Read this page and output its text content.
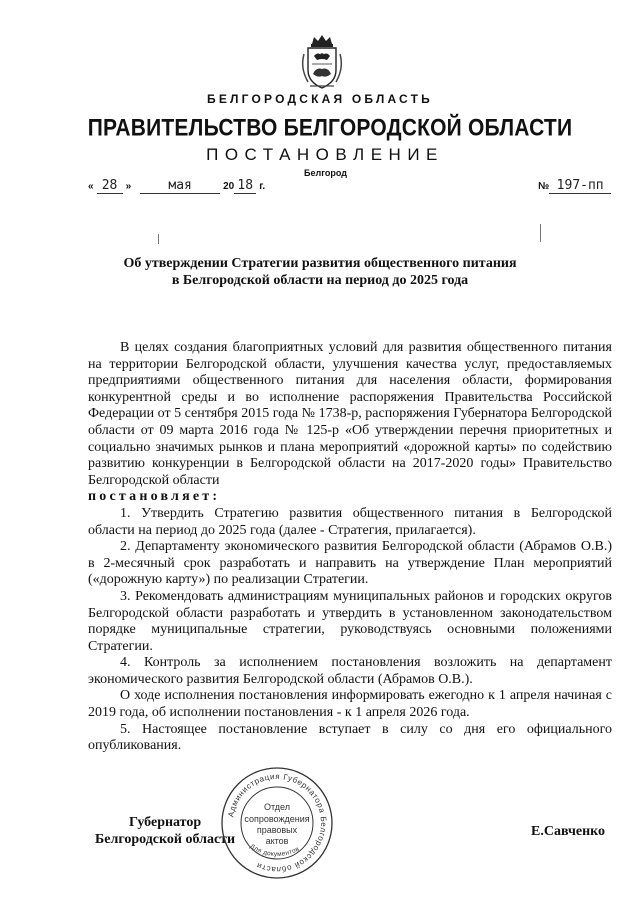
БЕЛГОРОДСКАЯ ОБЛАСТЬ
ПРАВИТЕЛЬСТВО БЕЛГОРОДСКОЙ ОБЛАСТИ
ПОСТАНОВЛЕНИЕ
Белгород
« 28 »	мая	20 18 г.	№ 197-пп
Об утверждении Стратегии развития общественного питания
в Белгородской области на период до 2025 года

В целях создания благоприятных условий для развития общественного питания на территории Белгородской области, улучшения качества услуг, предоставляемых предприятиями общественного питания для населения области, формирования конкурентной среды и во исполнение распоряжения Правительства Российской Федерации от 5 сентября 2015 года № 1738-р, распоряжения Губернатора Белгородской области от 09 марта 2016 года № 125-р «Об утверждении перечня приоритетных и социально значимых рынков и плана мероприятий «дорожной карты» по содействию развитию конкуренции в Белгородской области на 2017-2020 годы» Правительство Белгородской области

постановляет:

1. Утвердить Стратегию развития общественного питания в Белгородской области на период до 2025 года (далее - Стратегия, прилагается).

2. Департаменту экономического развития Белгородской области (Абрамов О.В.) в 2-месячный срок разработать и направить на утверждение План мероприятий («дорожную карту») по реализации Стратегии.

3. Рекомендовать администрациям муниципальных районов и городских округов Белгородской области разработать и утвердить в установленном законодательством порядке муниципальные стратегии, руководствуясь основными положениями Стратегии.

4. Контроль за исполнением постановления возложить на департамент экономического развития Белгородской области (Абрамов О.В.).

О ходе исполнения постановления информировать ежегодно к 1 апреля начиная с 2019 года, об исполнении постановления - к 1 апреля 2026 года.

5. Настоящее постановление вступает в силу со дня его официального опубликования.

Губернатор
Белгородской области
Е.Савченко
Администрация Губернатора Белгородской области
Для документов
Отдел
сопровождения
правовых
актов
